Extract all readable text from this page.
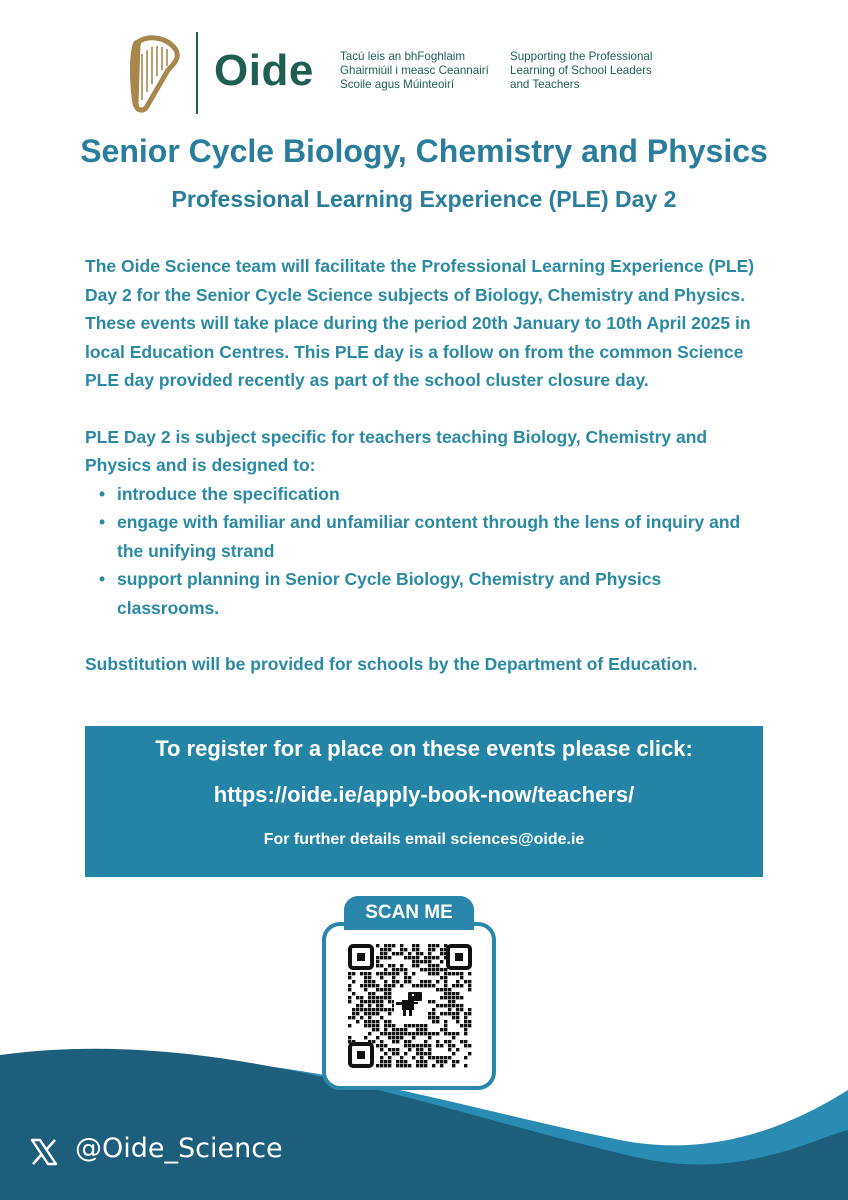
Oide Tacú leis an bhFoghlaim
Ghairmiúil i measc Ceannairí
Scoile agus Múinteoirí
Supporting the Professional
Learning of School Leaders
and Teachers
Senior Cycle Biology, Chemistry and Physics
Professional Learning Experience (PLE) Day 2

The Oide Science team will facilitate the Professional Learning Experience (PLE) Day 2 for the Senior Cycle Science subjects of Biology, Chemistry and Physics. These events will take place during the period 20th January to 10th April 2025 in local Education Centres. This PLE day is a follow on from the common Science PLE day provided recently as part of the school cluster closure day.

PLE Day 2 is subject specific for teachers teaching Biology, Chemistry and Physics and is designed to:

• introduce the specification
• engage with familiar and unfamiliar content through the lens of inquiry and the unifying strand
• support planning in Senior Cycle Biology, Chemistry and Physics classrooms.

Substitution will be provided for schools by the Department of Education.

To register for a place on these events please click:
https://oide.ie/apply-book-now/teachers/
For further details email sciences@oide.ie
SCAN ME
@Oide_Science
